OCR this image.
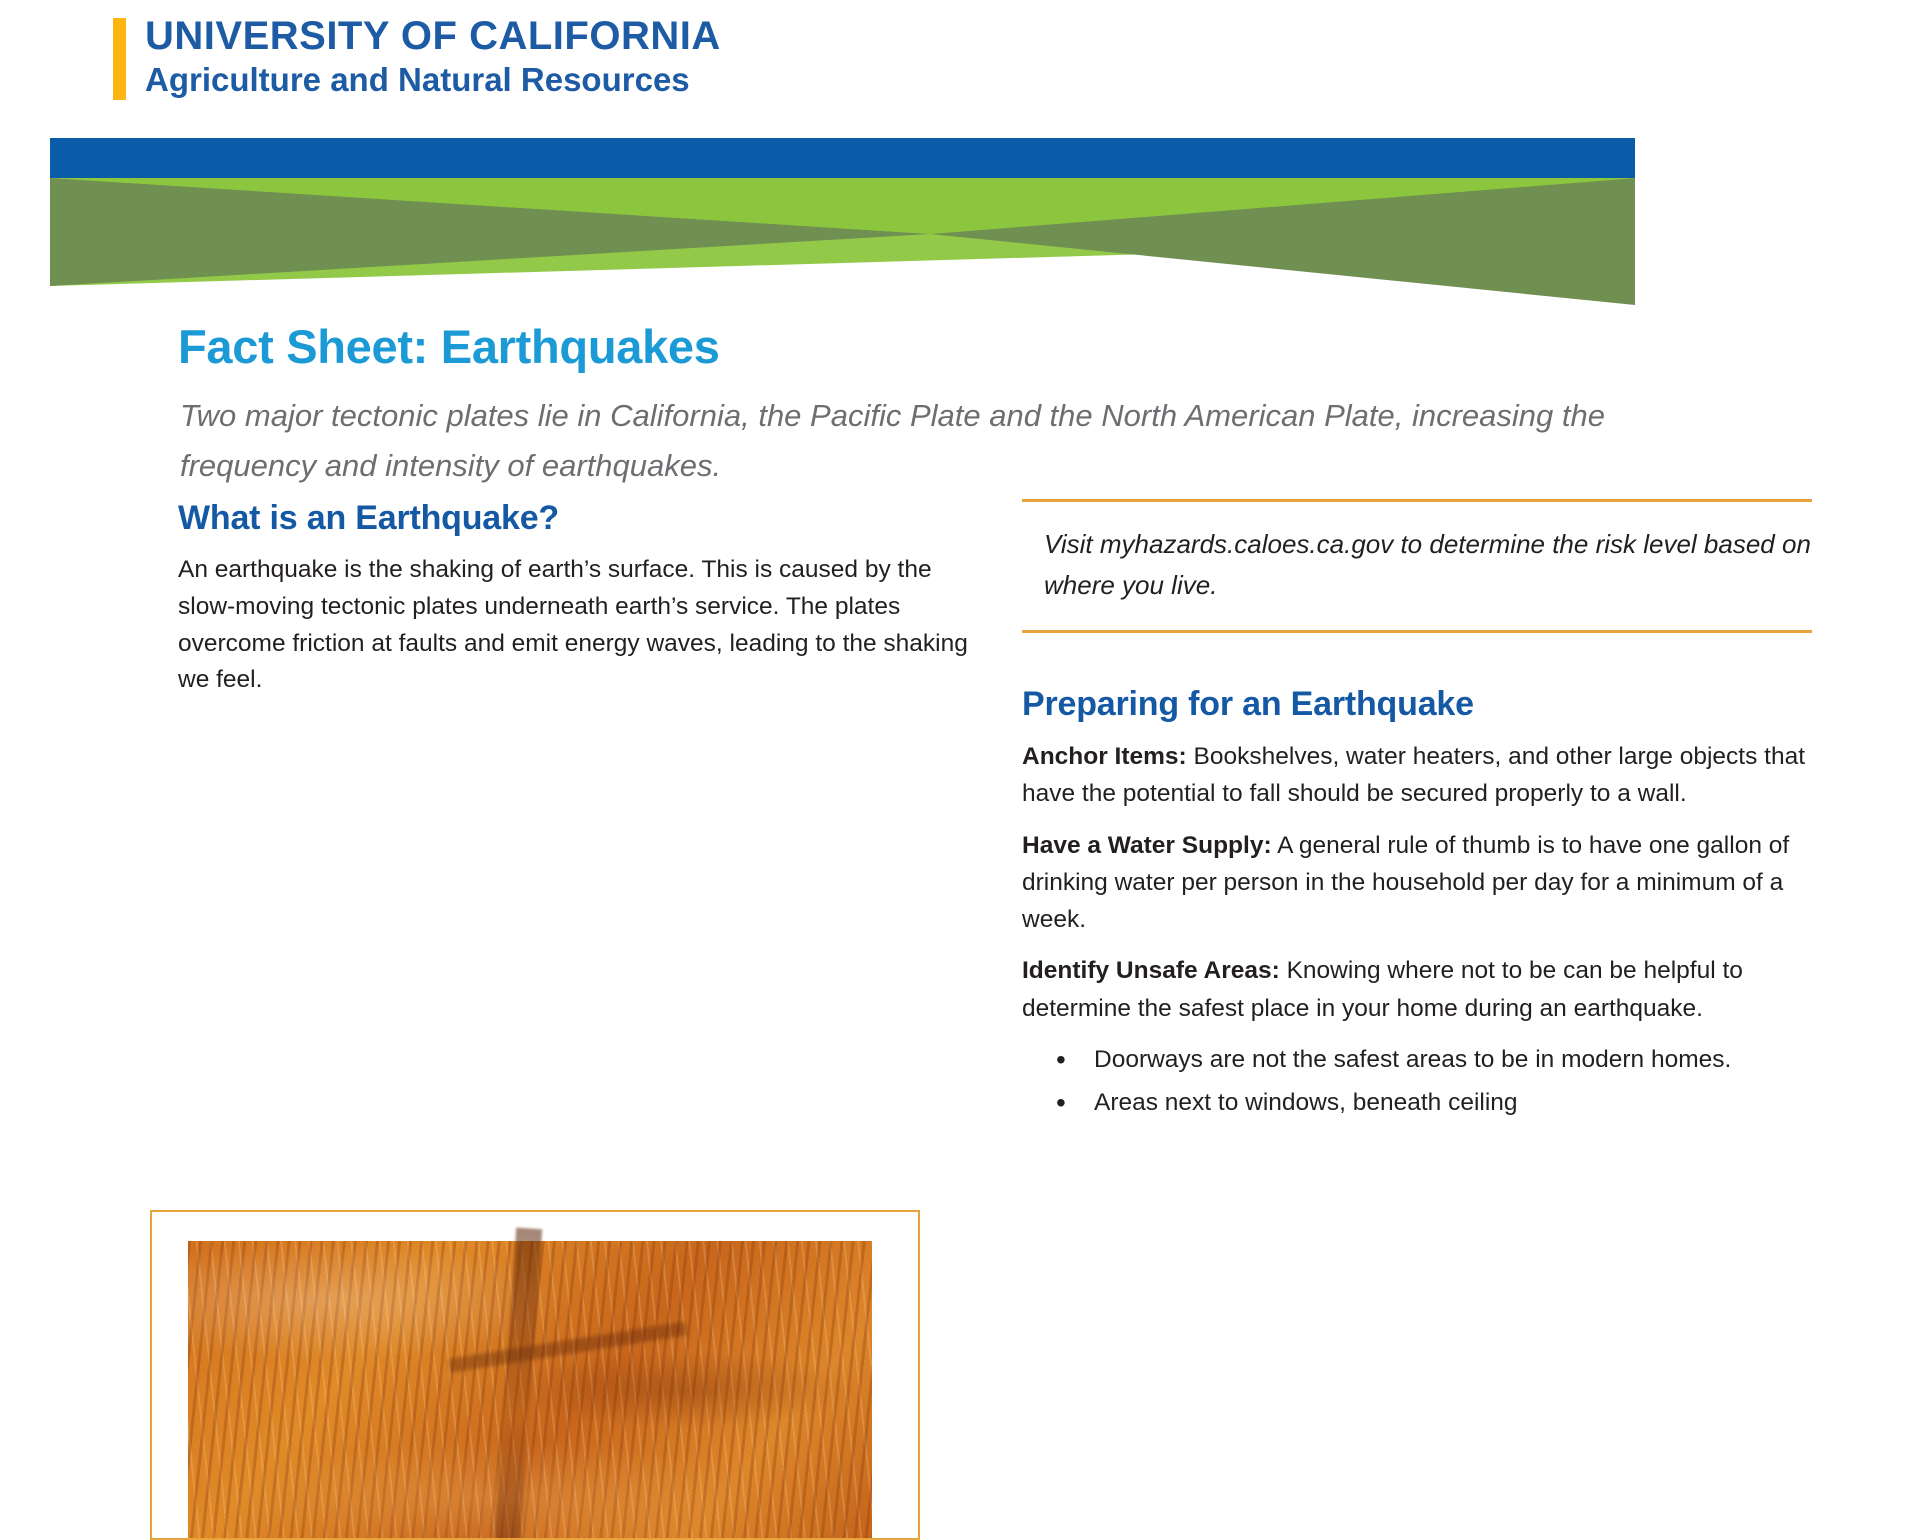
UNIVERSITY OF CALIFORNIA
Agriculture and Natural Resources
Fact Sheet: Earthquakes
Two major tectonic plates lie in California, the Pacific Plate and the North American Plate, increasing the frequency and intensity of earthquakes.
What is an Earthquake?

An earthquake is the shaking of earth’s surface. This is caused by the slow-moving tectonic plates underneath earth’s service. The plates overcome friction at faults and emit energy waves, leading to the shaking we feel.

Visit myhazards.caloes.ca.gov to determine the risk level based on where you live.

Preparing for an Earthquake

Anchor Items: Bookshelves, water heaters, and other large objects that have the potential to fall should be secured properly to a wall.

Have a Water Supply: A general rule of thumb is to have one gallon of drinking water per person in the household per day for a minimum of a week.

Identify Unsafe Areas: Knowing where not to be can be helpful to determine the safest place in your home during an earthquake.

• Doorways are not the safest areas to be in modern homes.
• Areas next to windows, beneath ceiling
